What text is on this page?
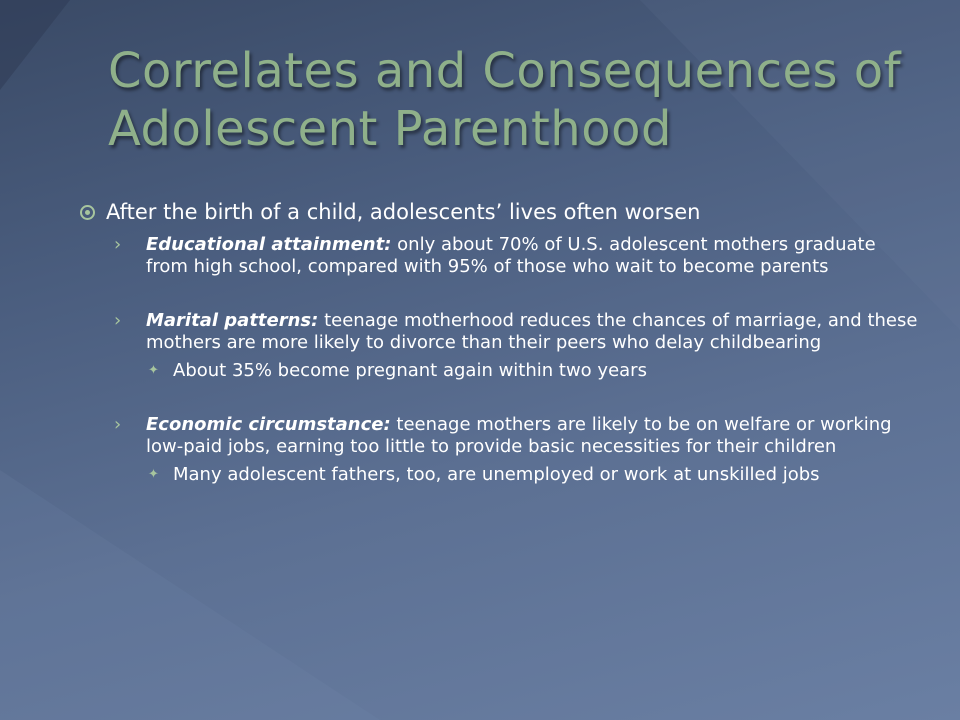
Correlates and Consequences of Adolescent Parenthood
After the birth of a child, adolescents’ lives often worsen
› Educational attainment: only about 70% of U.S. adolescent mothers graduate from high school, compared with 95% of those who wait to become parents
› Marital patterns: teenage motherhood reduces the chances of marriage, and these mothers are more likely to divorce than their peers who delay childbearing
✦ About 35% become pregnant again within two years
› Economic circumstance: teenage mothers are likely to be on welfare or working low-paid jobs, earning too little to provide basic necessities for their children
✦ Many adolescent fathers, too, are unemployed or work at unskilled jobs
